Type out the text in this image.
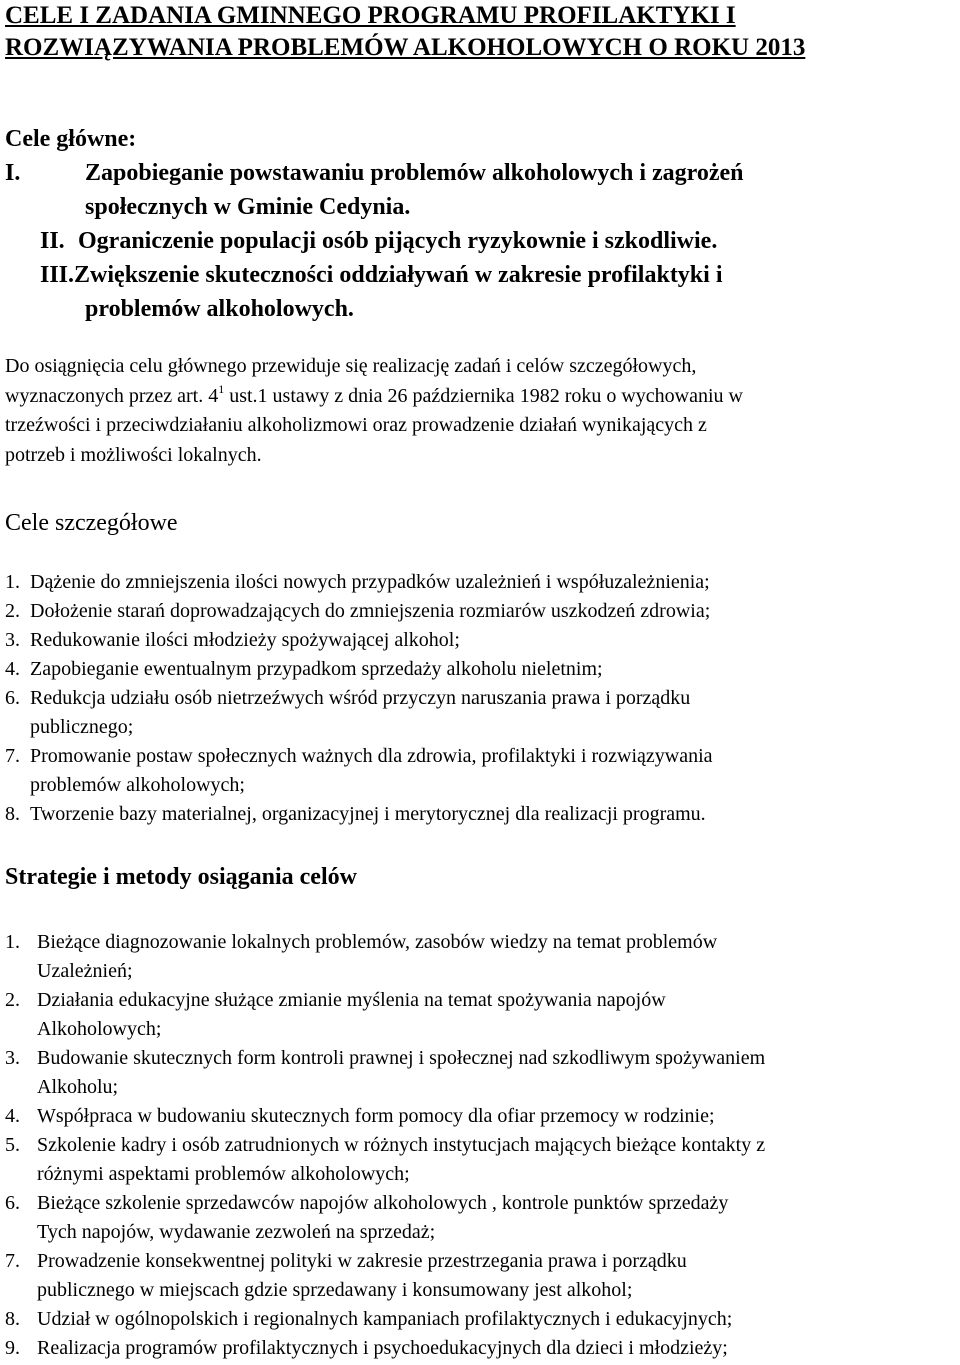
CELE I ZADANIA GMINNEGO PROGRAMU PROFILAKTYKI I
ROZWIĄZYWANIA PROBLEMÓW ALKOHOLOWYCH O ROKU 2013
Cele główne:
I.	Zapobieganie powstawaniu problemów alkoholowych i zagrożeń
społecznych w Gminie Cedynia.
II. Ograniczenie populacji osób pijących ryzykownie i szkodliwie.
III.Zwiększenie skuteczności oddziaływań w zakresie profilaktyki i
problemów alkoholowych.
Do osiągnięcia celu głównego przewiduje się realizację zadań i celów szczegółowych,
wyznaczonych przez art. $4^1$ ust.1 ustawy z dnia 26 października 1982 roku o wychowaniu w
trzeźwości i przeciwdziałaniu alkoholizmowi oraz prowadzenie działań wynikających z
potrzeb i możliwości lokalnych.
Cele szczegółowe
1. Dążenie do zmniejszenia ilości nowych przypadków uzależnień i współuzależnienia;
2. Dołożenie starań doprowadzających do zmniejszenia rozmiarów uszkodzeń zdrowia;
3. Redukowanie ilości młodzieży spożywającej alkohol;
4. Zapobieganie ewentualnym przypadkom sprzedaży alkoholu nieletnim;
6. Redukcja udziału osób nietrzeźwych wśród przyczyn naruszania prawa i porządku
publicznego;
7. Promowanie postaw społecznych ważnych dla zdrowia, profilaktyki i rozwiązywania
problemów alkoholowych;
8. Tworzenie bazy materialnej, organizacyjnej i merytorycznej dla realizacji programu.
Strategie i metody osiągania celów
1. Bieżące diagnozowanie lokalnych problemów, zasobów wiedzy na temat problemów
Uzależnień;
2. Działania edukacyjne służące zmianie myślenia na temat spożywania napojów
Alkoholowych;
3. Budowanie skutecznych form kontroli prawnej i społecznej nad szkodliwym spożywaniem
Alkoholu;
4. Współpraca w budowaniu skutecznych form pomocy dla ofiar przemocy w rodzinie;
5. Szkolenie kadry i osób zatrudnionych w różnych instytucjach mających bieżące kontakty z
różnymi aspektami problemów alkoholowych;
6. Bieżące szkolenie sprzedawców napojów alkoholowych , kontrole punktów sprzedaży
Tych napojów, wydawanie zezwoleń na sprzedaż;
7. Prowadzenie konsekwentnej polityki w zakresie przestrzegania prawa i porządku
publicznego w miejscach gdzie sprzedawany i konsumowany jest alkohol;
8. Udział w ogólnopolskich i regionalnych kampaniach profilaktycznych i edukacyjnych;
9. Realizacja programów profilaktycznych i psychoedukacyjnych dla dzieci i młodzieży;
